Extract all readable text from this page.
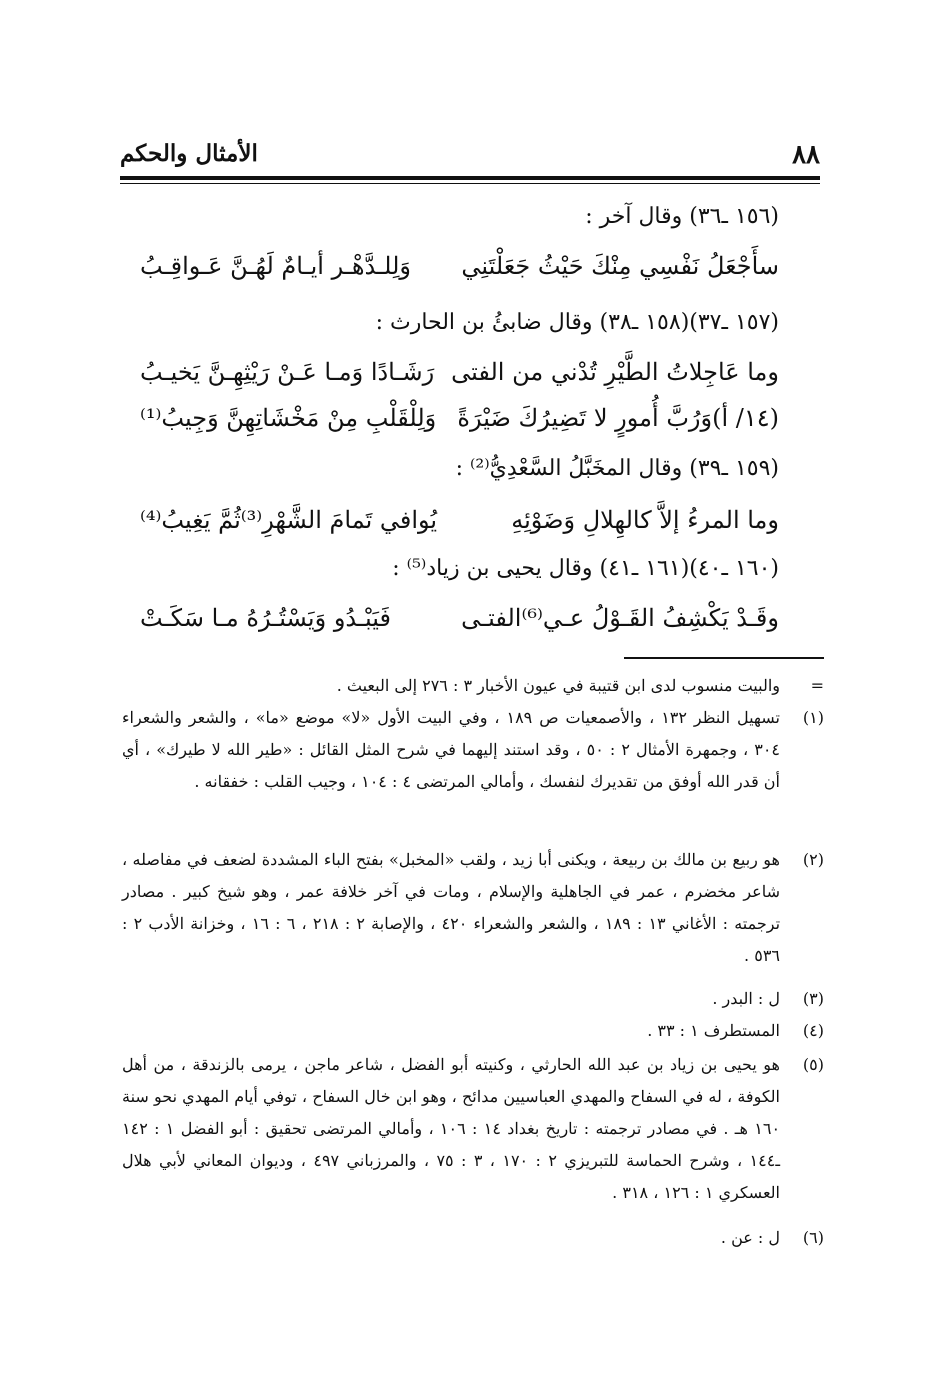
٨٨
الأمثال والحكم
(١٥٦ ـ٣٦) وقال آخر :
سأَجْعَلُ نَفْسِي مِنْكَ حَيْثُ جَعَلْتَنِي
وَلِلـدَّهْـر أيـامٌ لَهُـنَّ عَـواقِـبُ
(١٥٧ ـ٣٧)(١٥٨ ـ٣٨) وقال ضابئُ بن الحارث :
وما عَاجِلاتُ الطَّيْرِ تُدْني من الفتى
رَشَـادًا وَمـا عَـنْ رَيْثِهِـنَّ يَخيـبُ
(١٤/ أ)وَرُبَّ أُمورٍ لا تَضِيرُكَ ضَيْرَةً
وَلِلْقَلْبِ مِنْ مَخْشَاتِهِنَّ وَجِيبُ⁽¹⁾
(١٥٩ ـ٣٩) وقال المخَبَّلُ السَّعْدِيُّ⁽²⁾ :
وما المرءُ إلاَّ كالهِلالِ وَضَوْئِهِ
يُوافي تَمامَ الشَّهْرِ⁽³⁾ثُمَّ يَغِيبُ⁽⁴⁾
(١٦٠ ـ٤٠)(١٦١ ـ٤١) وقال يحيى بن زياد⁽⁵⁾ :
وقَـدْ يَكْشِفُ القَـوْلُ عـي⁽⁶⁾الفتـى
فَيَبْـدُو وَيَسْتُـرُهُ مـا سَكَـتْ
=
والبيت منسوب لدى ابن قتيبة في عيون الأخبار ٣ : ٢٧٦ إلى البعيث .
(١)
تسهيل النظر ١٣٢ ، والأصمعيات ص ١٨٩ ، وفي البيت الأول «لا» موضع «ما» ، والشعر والشعراء ٣٠٤ ، وجمهرة الأمثال ٢ : ٥٠ ، وقد استند إليهما في شرح المثل القائل : «طير الله لا طيرك» ، أي أن قدر الله أوفق من تقديرك لنفسك ، وأمالي المرتضى ٤ : ١٠٤ ، وجيب القلب : خفقانه .
(٢)
هو ربيع بن مالك بن ربيعة ، ويكنى أبا زيد ، ولقب «المخبل» بفتح الباء المشددة لضعف في مفاصله ، شاعر مخضرم ، عمر في الجاهلية والإسلام ، ومات في آخر خلافة عمر ، وهو شيخ كبير . مصادر ترجمته : الأغاني ١٣ : ١٨٩ ، والشعر والشعراء ٤٢٠ ، والإصابة ٢ : ٢١٨ ، ٦ : ١٦ ، وخزانة الأدب ٢ : ٥٣٦ .
(٣)
ل : البدر .
(٤)
المستطرف ١ : ٣٣ .
(٥)
هو يحيى بن زياد بن عبد الله الحارثي ، وكنيته أبو الفضل ، شاعر ماجن ، يرمى بالزندقة ، من أهل الكوفة ، له في السفاح والمهدي العباسيين مدائح ، وهو ابن خال السفاح ، توفي أيام المهدي نحو سنة ١٦٠ هـ . في مصادر ترجمته : تاريخ بغداد ١٤ : ١٠٦ ، وأمالي المرتضى تحقيق : أبو الفضل ١ : ١٤٢ ـ١٤٤ ، وشرح الحماسة للتبريزي ٢ : ١٧٠ ، ٣ : ٧٥ ، والمرزباني ٤٩٧ ، وديوان المعاني لأبي هلال العسكري ١ : ١٢٦ ، ٣١٨ .
(٦)
ل : عن .
